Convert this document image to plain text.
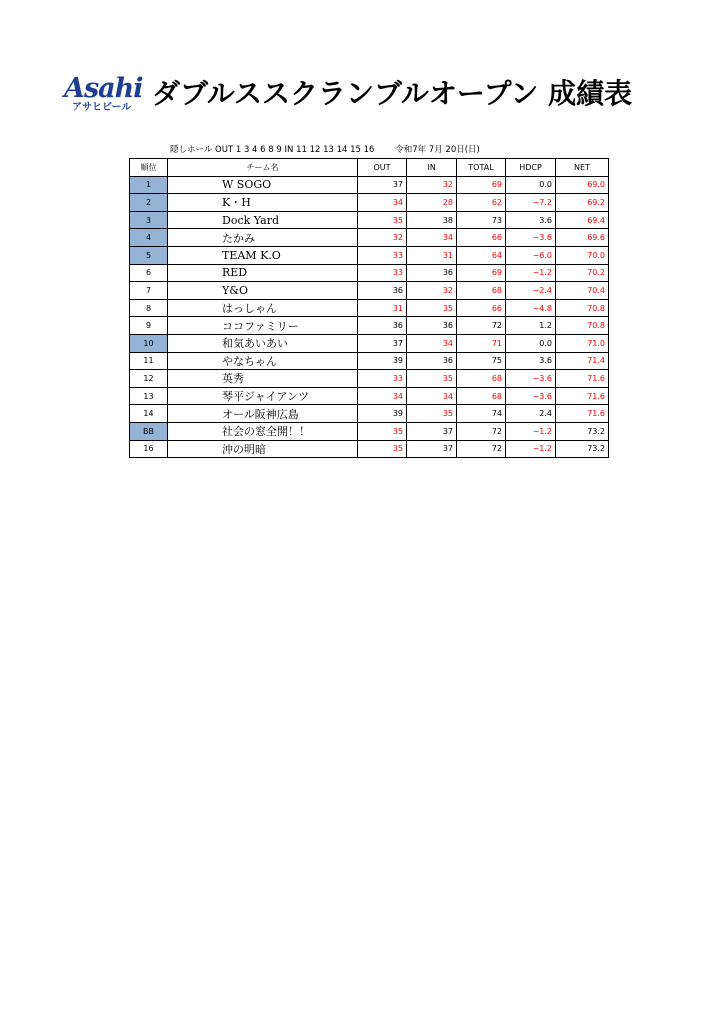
Asahi
アサヒビール ダブルススクランブルオープン 成績表
隠しホール OUT 1 3 4 6 8 9 IN 11 12 13 14 15 16 令和7年 7月 20日(日)
順位	チーム名	OUT	IN	TOTAL	HDCP	NET
1	W SOGO	37	32	69	0.0	69.0
2	K・H	34	28	62	−7.2	69.2
3	Dock Yard	35	38	73	3.6	69.4
4	たかみ	32	34	66	−3.6	69.6
5	TEAM K.O	33	31	64	−6.0	70.0
6	RED	33	36	69	−1.2	70.2
7	Y&O	36	32	68	−2.4	70.4
8	はっしゃん	31	35	66	−4.8	70.8
9	ココファミリー	36	36	72	1.2	70.8
10	和気あいあい	37	34	71	0.0	71.0
11	やなちゃん	39	36	75	3.6	71.4
12	英秀	33	35	68	−3.6	71.6
13	琴平ジャイアンツ	34	34	68	−3.6	71.6
14	オール阪神広島	39	35	74	2.4	71.6
BB	社会の窓全開！！	35	37	72	−1.2	73.2
16	沖の明暗	35	37	72	−1.2	73.2
